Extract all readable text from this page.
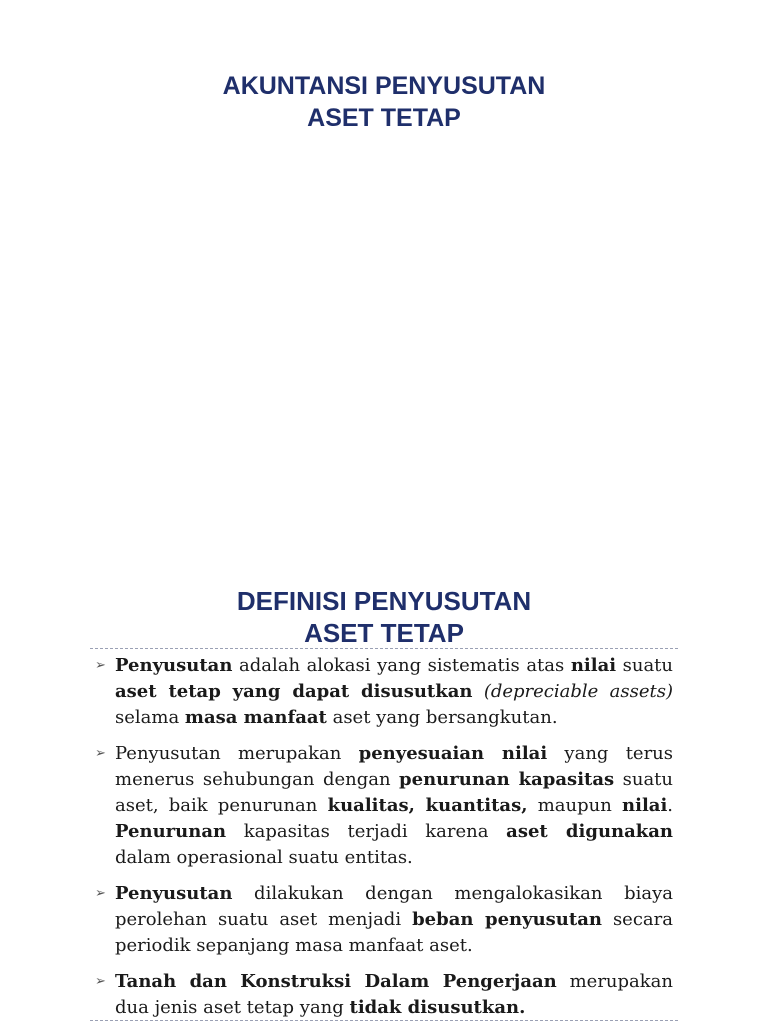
AKUNTANSI PENYUSUTAN
ASET TETAP
DEFINISI PENYUSUTAN
ASET TETAP
➢ Penyusutan adalah alokasi yang sistematis atas nilai suatu aset tetap yang dapat disusutkan (depreciable assets) selama masa manfaat aset yang bersangkutan.
➢ Penyusutan merupakan penyesuaian nilai yang terus menerus sehubungan dengan penurunan kapasitas suatu aset, baik penurunan kualitas, kuantitas, maupun nilai. Penurunan kapasitas terjadi karena aset digunakan dalam operasional suatu entitas.
➢ Penyusutan dilakukan dengan mengalokasikan biaya perolehan suatu aset menjadi beban penyusutan secara periodik sepanjang masa manfaat aset.
➢ Tanah dan Konstruksi Dalam Pengerjaan merupakan dua jenis aset tetap yang tidak disusutkan.
